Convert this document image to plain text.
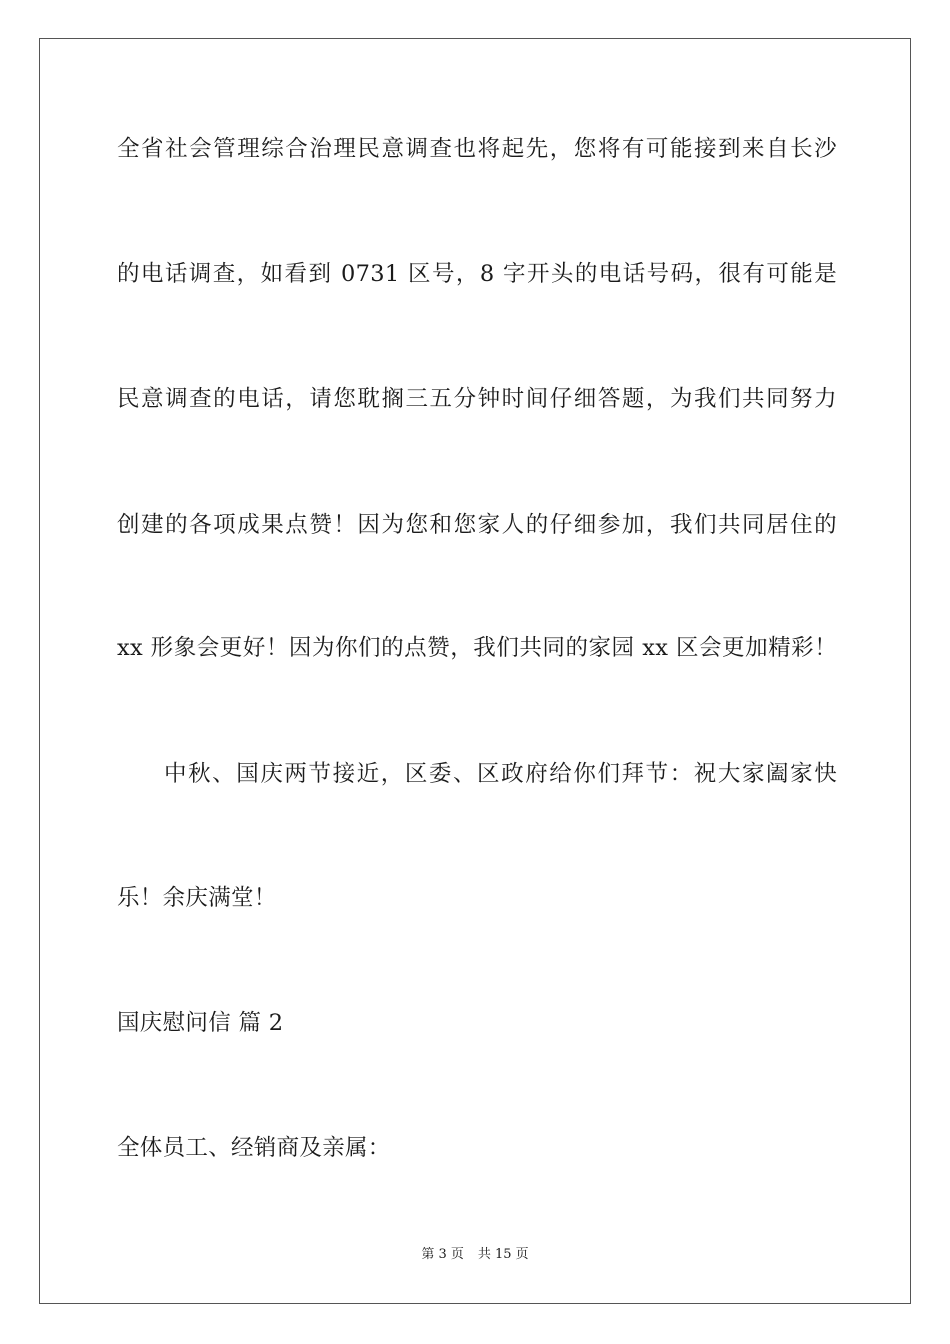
全省社会管理综合治理民意调查也将起先，您将有可能接到来自长沙
的电话调查，如看到 0731 区号，8 字开头的电话号码，很有可能是
民意调查的电话，请您耽搁三五分钟时间仔细答题，为我们共同努力
创建的各项成果点赞！因为您和您家人的仔细参加，我们共同居住的
xx 形象会更好！因为你们的点赞，我们共同的家园 xx 区会更加精彩！
中秋、国庆两节接近，区委、区政府给你们拜节：祝大家阖家快
乐！余庆满堂！
国庆慰问信 篇 2
全体员工、经销商及亲属：
第 3 页 共 15 页
